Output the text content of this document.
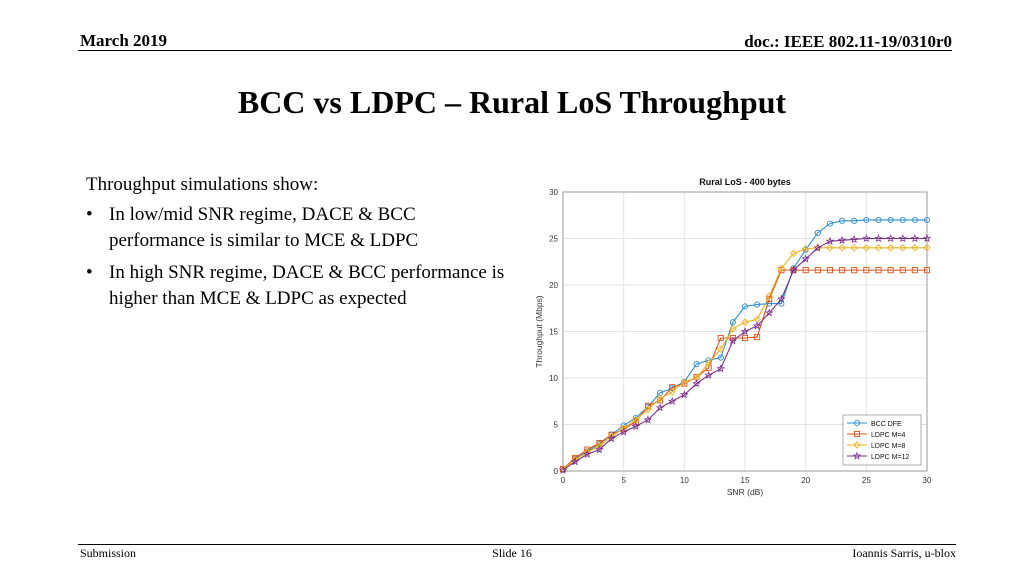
March 2019	doc.: IEEE 802.11-19/0310r0
BCC vs LDPC – Rural LoS Throughput

Throughput simulations show:

• In low/mid SNR regime, DACE & BCC performance is similar to MCE & LDPC
• In high SNR regime, DACE & BCC performance is higher than MCE & LDPC as expected
0	5	10	15	20	25	30
0
5
10
15
20
25
30
Rural LoS - 400 bytes
SNR (dB)
Throughput (Mbps)
BCC DFE
LDPC M=4
LDPC M=8
LDPC M=12
Submission	Slide 16	Ioannis Sarris, u-blox
